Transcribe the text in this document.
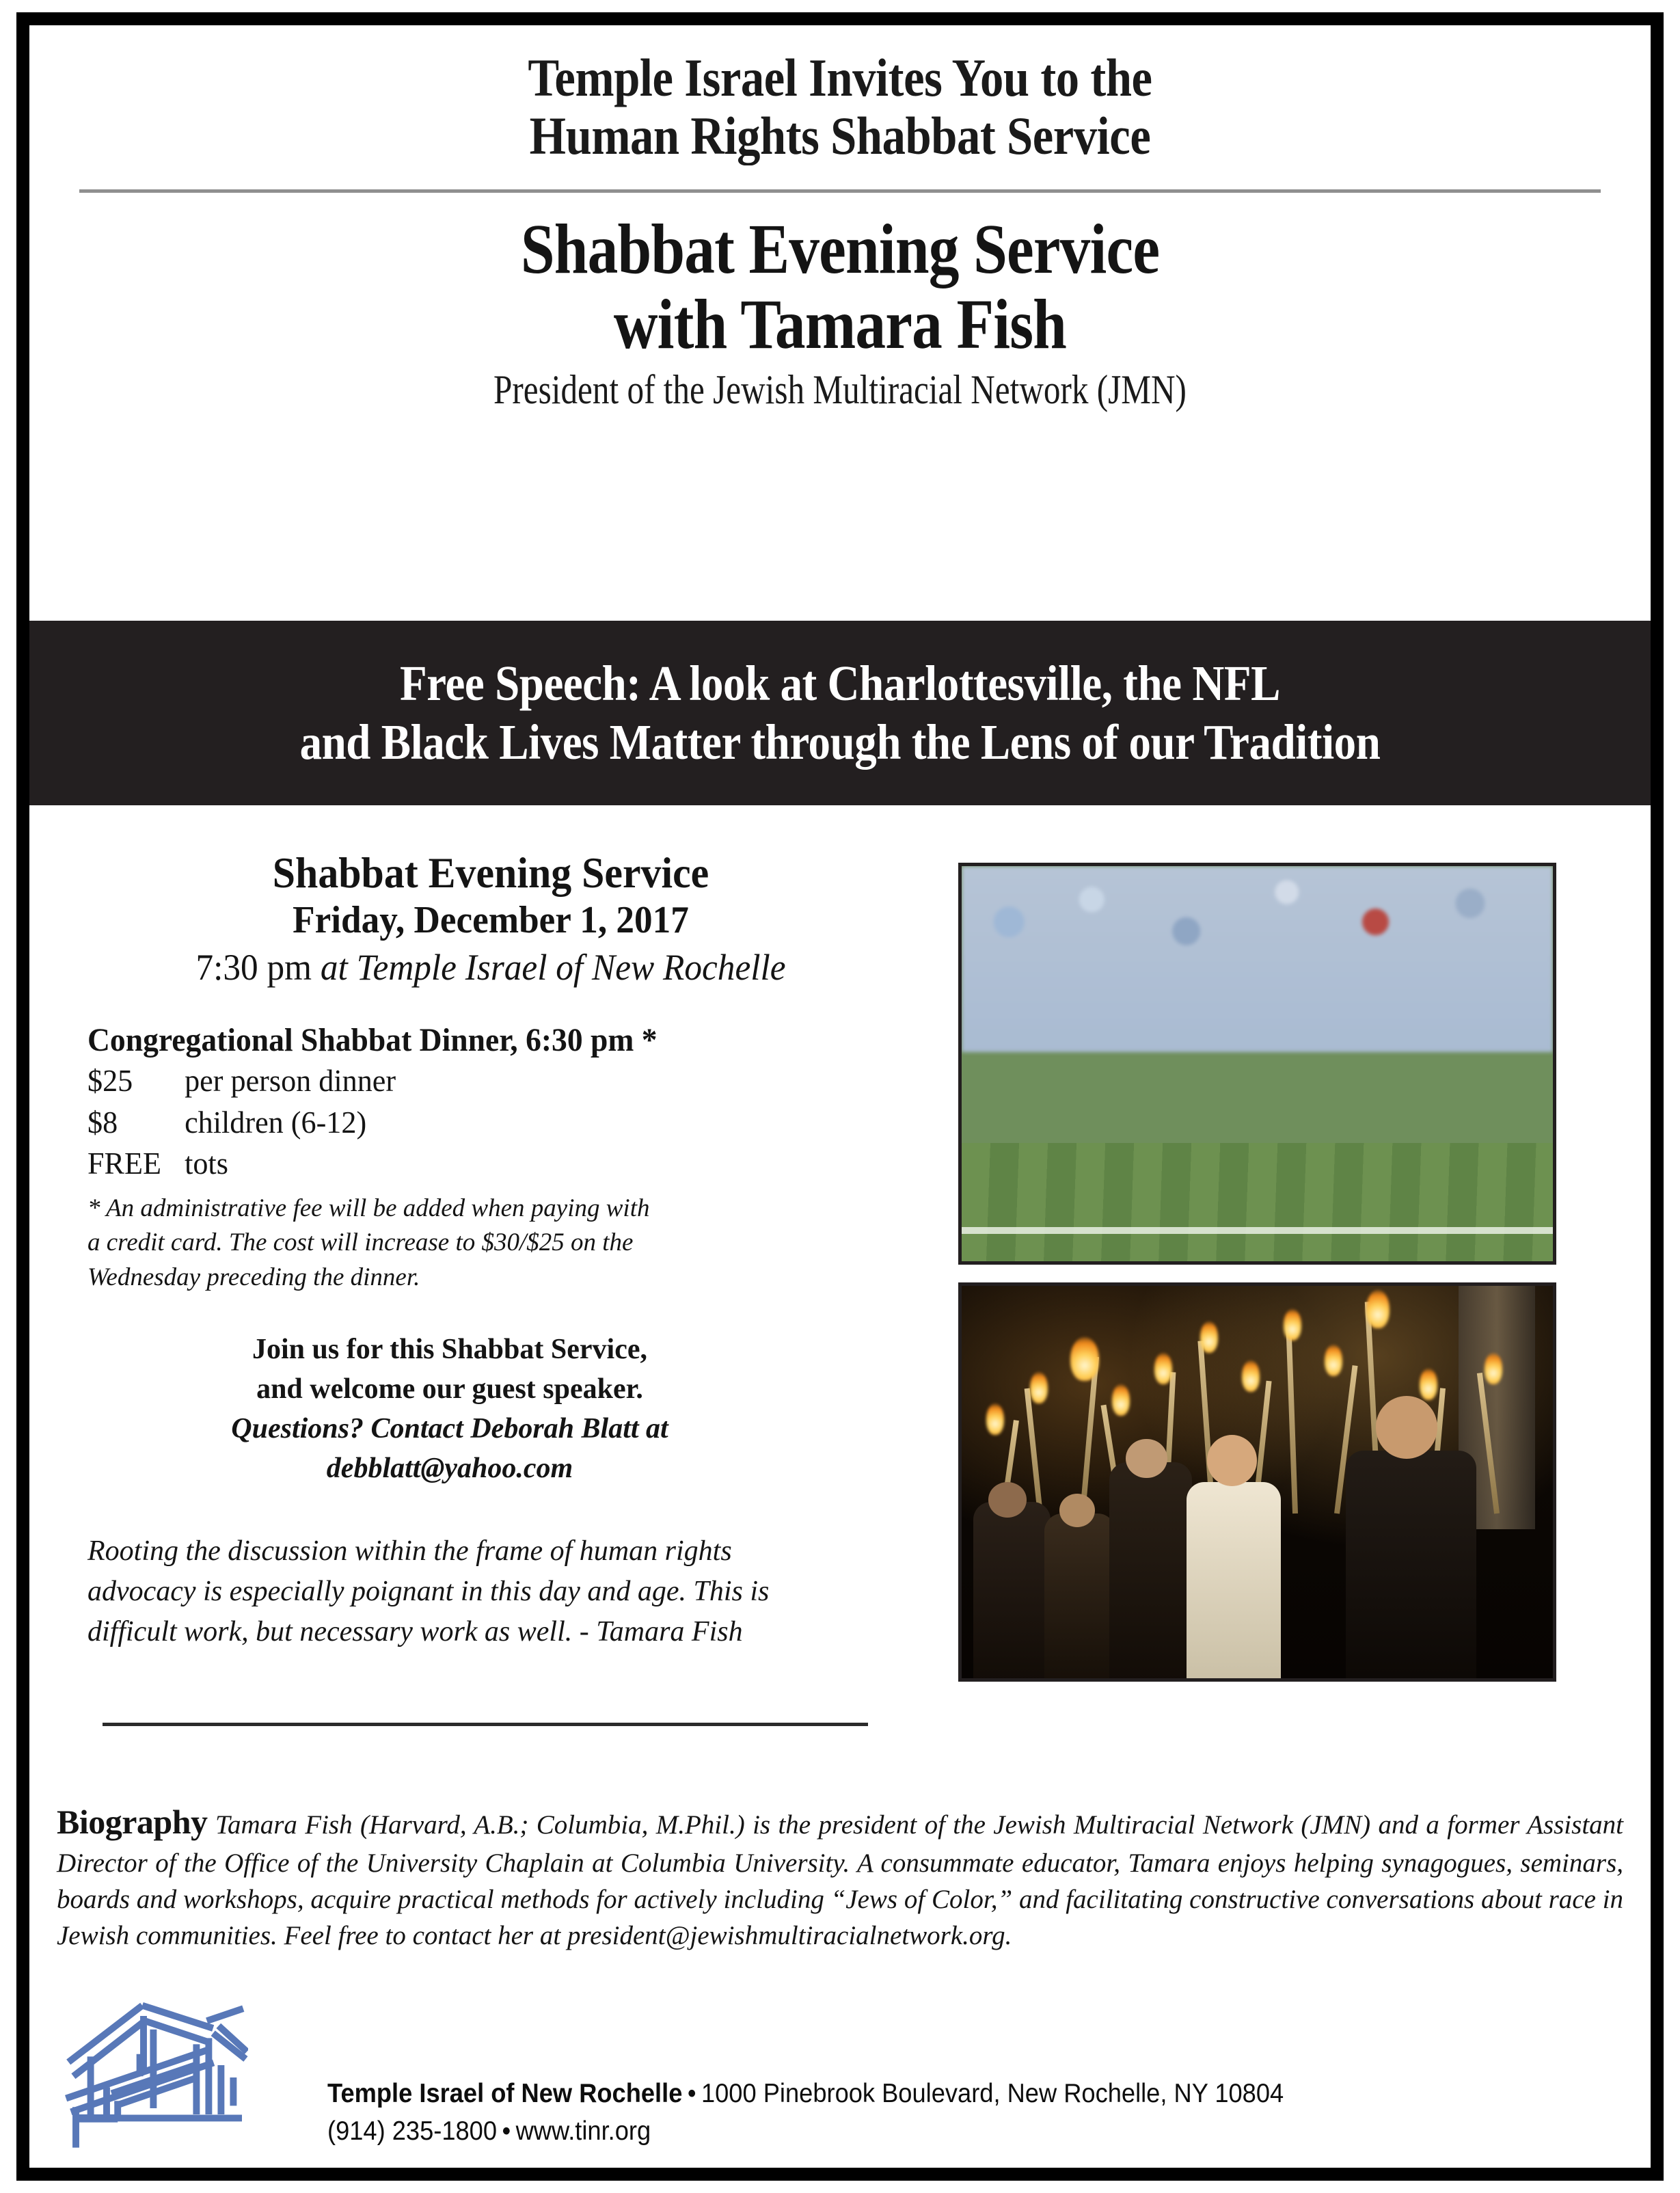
Temple Israel Invites You to the
Human Rights Shabbat Service
Shabbat Evening Service
with Tamara Fish
President of the Jewish Multiracial Network (JMN)
Free Speech: A look at Charlottesville, the NFL
and Black Lives Matter through the Lens of our Tradition
Shabbat Evening Service
Friday, December 1, 2017
7:30 pm at Temple Israel of New Rochelle
Congregational Shabbat Dinner, 6:30 pm *
$25	per person dinner
$8	children (6-12)
FREE tots
* An administrative fee will be added when paying with a credit card. The cost will increase to $30/$25 on the Wednesday preceding the dinner.
Join us for this Shabbat Service,
and welcome our guest speaker.
Questions? Contact Deborah Blatt at
debblatt@yahoo.com
Rooting the discussion within the frame of human rights advocacy is especially poignant in this day and age. This is difficult work, but necessary work as well. - Tamara Fish

Biography Tamara Fish (Harvard, A.B.; Columbia, M.Phil.) is the president of the Jewish Multiracial Network (JMN) and a former Assistant Director of the Office of the University Chaplain at Columbia University. A consummate educator, Tamara enjoys helping synagogues, seminars, boards and workshops, acquire practical methods for actively including “Jews of Color,” and facilitating constructive conversations about race in Jewish communities. Feel free to contact her at president@jewishmultiracialnetwork.org.

Temple Israel of New Rochelle • 1000 Pinebrook Boulevard, New Rochelle, NY 10804
(914) 235-1800 • www.tinr.org
